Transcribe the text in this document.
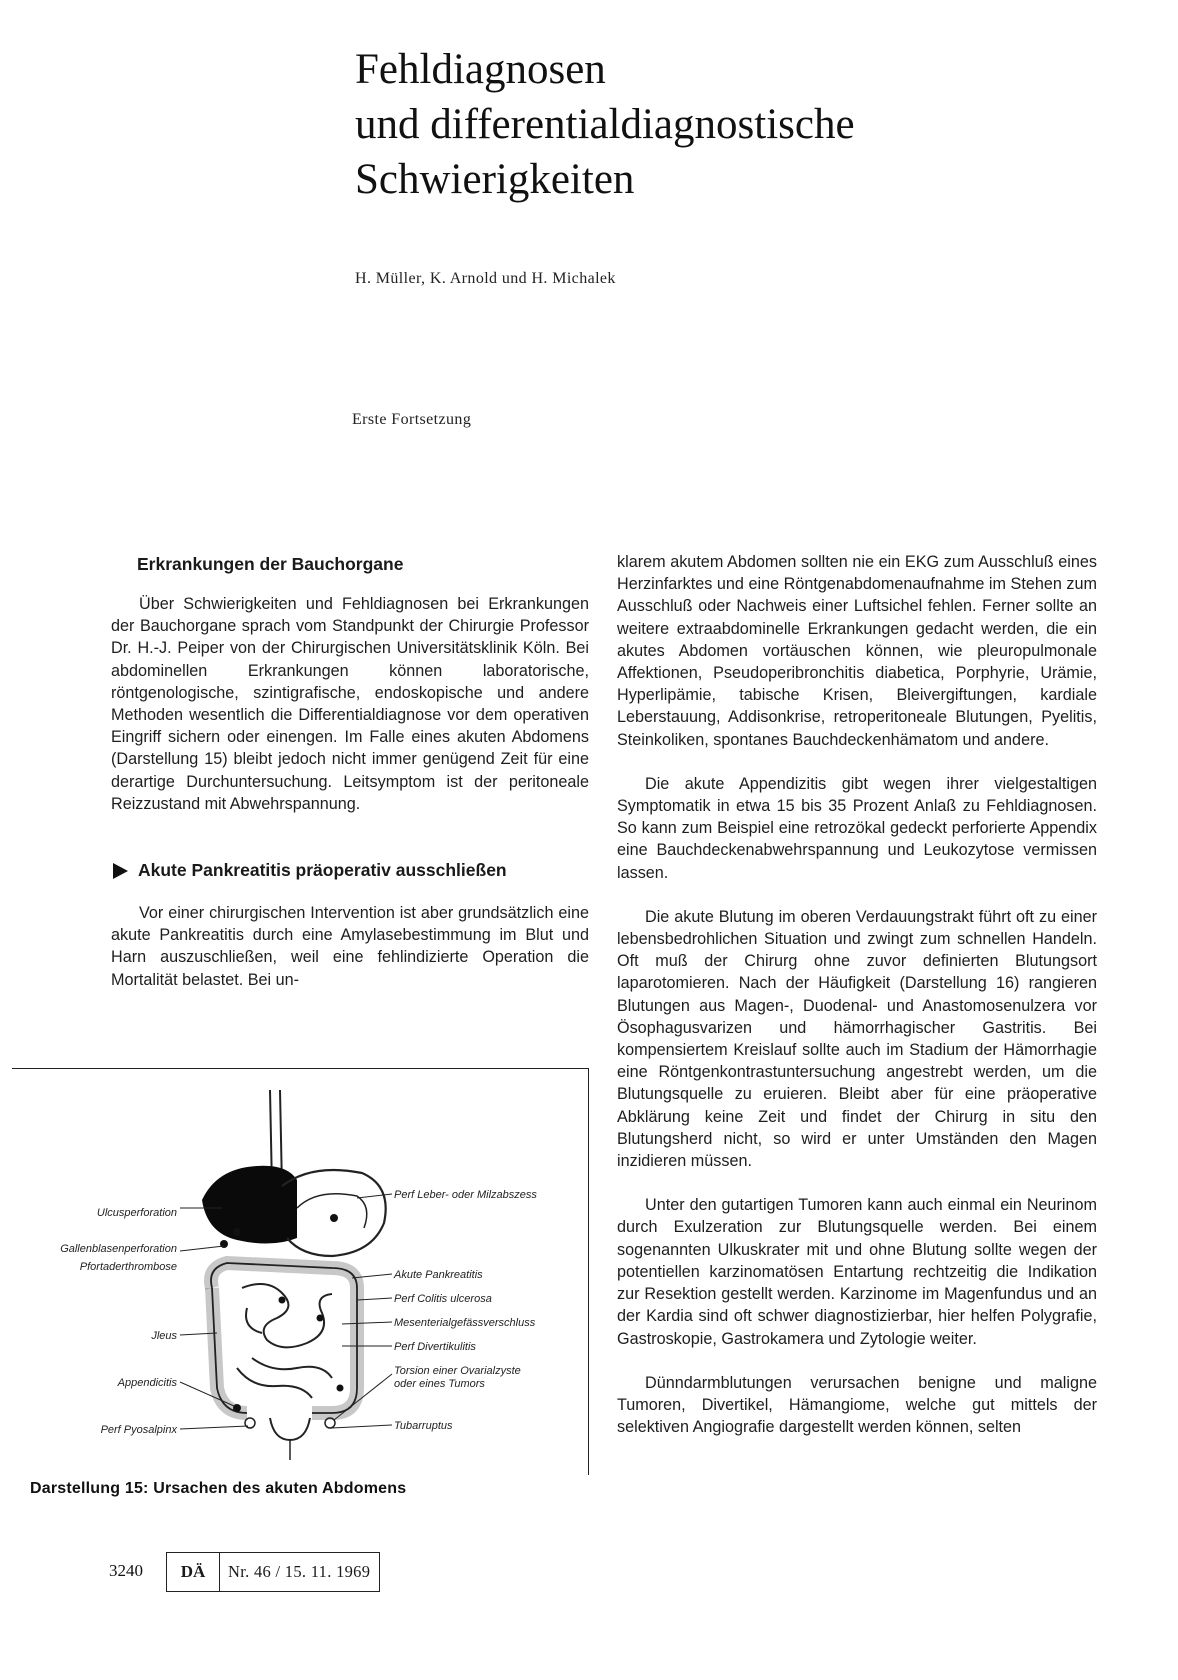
Fehldiagnosen
und differentialdiagnostische
Schwierigkeiten
H. Müller, K. Arnold und H. Michalek
Erste Fortsetzung
Erkrankungen der Bauchorgane

Über Schwierigkeiten und Fehldiagnosen bei Erkrankungen der Bauchorgane sprach vom Standpunkt der Chirurgie Professor Dr. H.-J. Peiper von der Chirurgischen Universitätsklinik Köln. Bei abdominellen Erkrankungen können laboratorische, röntgenologische, szintigrafische, endoskopische und andere Methoden wesentlich die Differentialdiagnose vor dem operativen Eingriff sichern oder einengen. Im Falle eines akuten Abdomens (Darstellung 15) bleibt jedoch nicht immer genügend Zeit für eine derartige Durchuntersuchung. Leitsymptom ist der peritoneale Reizzustand mit Abwehrspannung.

Akute Pankreatitis präoperativ ausschließen

Vor einer chirurgischen Intervention ist aber grundsätzlich eine akute Pankreatitis durch eine Amylasebestimmung im Blut und Harn auszuschließen, weil eine fehlindizierte Operation die Mortalität belastet. Bei un-

klarem akutem Abdomen sollten nie ein EKG zum Ausschluß eines Herzinfarktes und eine Röntgenabdomenaufnahme im Stehen zum Ausschluß oder Nachweis einer Luftsichel fehlen. Ferner sollte an weitere extraabdominelle Erkrankungen gedacht werden, die ein akutes Abdomen vortäuschen können, wie pleuropulmonale Affektionen, Pseudoperibronchitis diabetica, Porphyrie, Urämie, Hyperlipämie, tabische Krisen, Bleivergiftungen, kardiale Leberstauung, Addisonkrise, retroperitoneale Blutungen, Pyelitis, Steinkoliken, spontanes Bauchdeckenhämatom und andere.

Die akute Appendizitis gibt wegen ihrer vielgestaltigen Symptomatik in etwa 15 bis 35 Prozent Anlaß zu Fehldiagnosen. So kann zum Beispiel eine retrozökal gedeckt perforierte Appendix eine Bauchdeckenabwehrspannung und Leukozytose vermissen lassen.

Die akute Blutung im oberen Verdauungstrakt führt oft zu einer lebensbedrohlichen Situation und zwingt zum schnellen Handeln. Oft muß der Chirurg ohne zuvor definierten Blutungsort laparotomieren. Nach der Häufigkeit (Darstellung 16) rangieren Blutungen aus Magen-, Duodenal- und Anastomosenulzera vor Ösophagusvarizen und hämorrhagischer Gastritis. Bei kompensiertem Kreislauf sollte auch im Stadium der Hämorrhagie eine Röntgenkontrastuntersuchung angestrebt werden, um die Blutungsquelle zu eruieren. Bleibt aber für eine präoperative Abklärung keine Zeit und findet der Chirurg in situ den Blutungsherd nicht, so wird er unter Umständen den Magen inzidieren müssen.

Unter den gutartigen Tumoren kann auch einmal ein Neurinom durch Exulzeration zur Blutungsquelle werden. Bei einem sogenannten Ulkuskrater mit und ohne Blutung sollte wegen der potentiellen karzinomatösen Entartung rechtzeitig die Indikation zur Resektion gestellt werden. Karzinome im Magenfundus und an der Kardia sind oft schwer diagnostizierbar, hier helfen Polygrafie, Gastroskopie, Gastrokamera und Zytologie weiter.

Dünndarmblutungen verursachen benigne und maligne Tumoren, Divertikel, Hämangiome, welche gut mittels der selektiven Angiografie dargestellt werden können, selten

Ulcusperforation
Gallenblasenperforation
Pfortaderthrombose
Jleus
Appendicitis
Perf Pyosalpinx
Perf Leber- oder Milzabszess
Akute Pankreatitis
Perf Colitis ulcerosa
Mesenterialgefässverschluss
Perf Divertikulitis
Torsion einer Ovarialzyste
oder eines Tumors
Tubarruptus
Darstellung 15: Ursachen des akuten Abdomens
3240	DÄ	Nr. 46 / 15. 11. 1969
